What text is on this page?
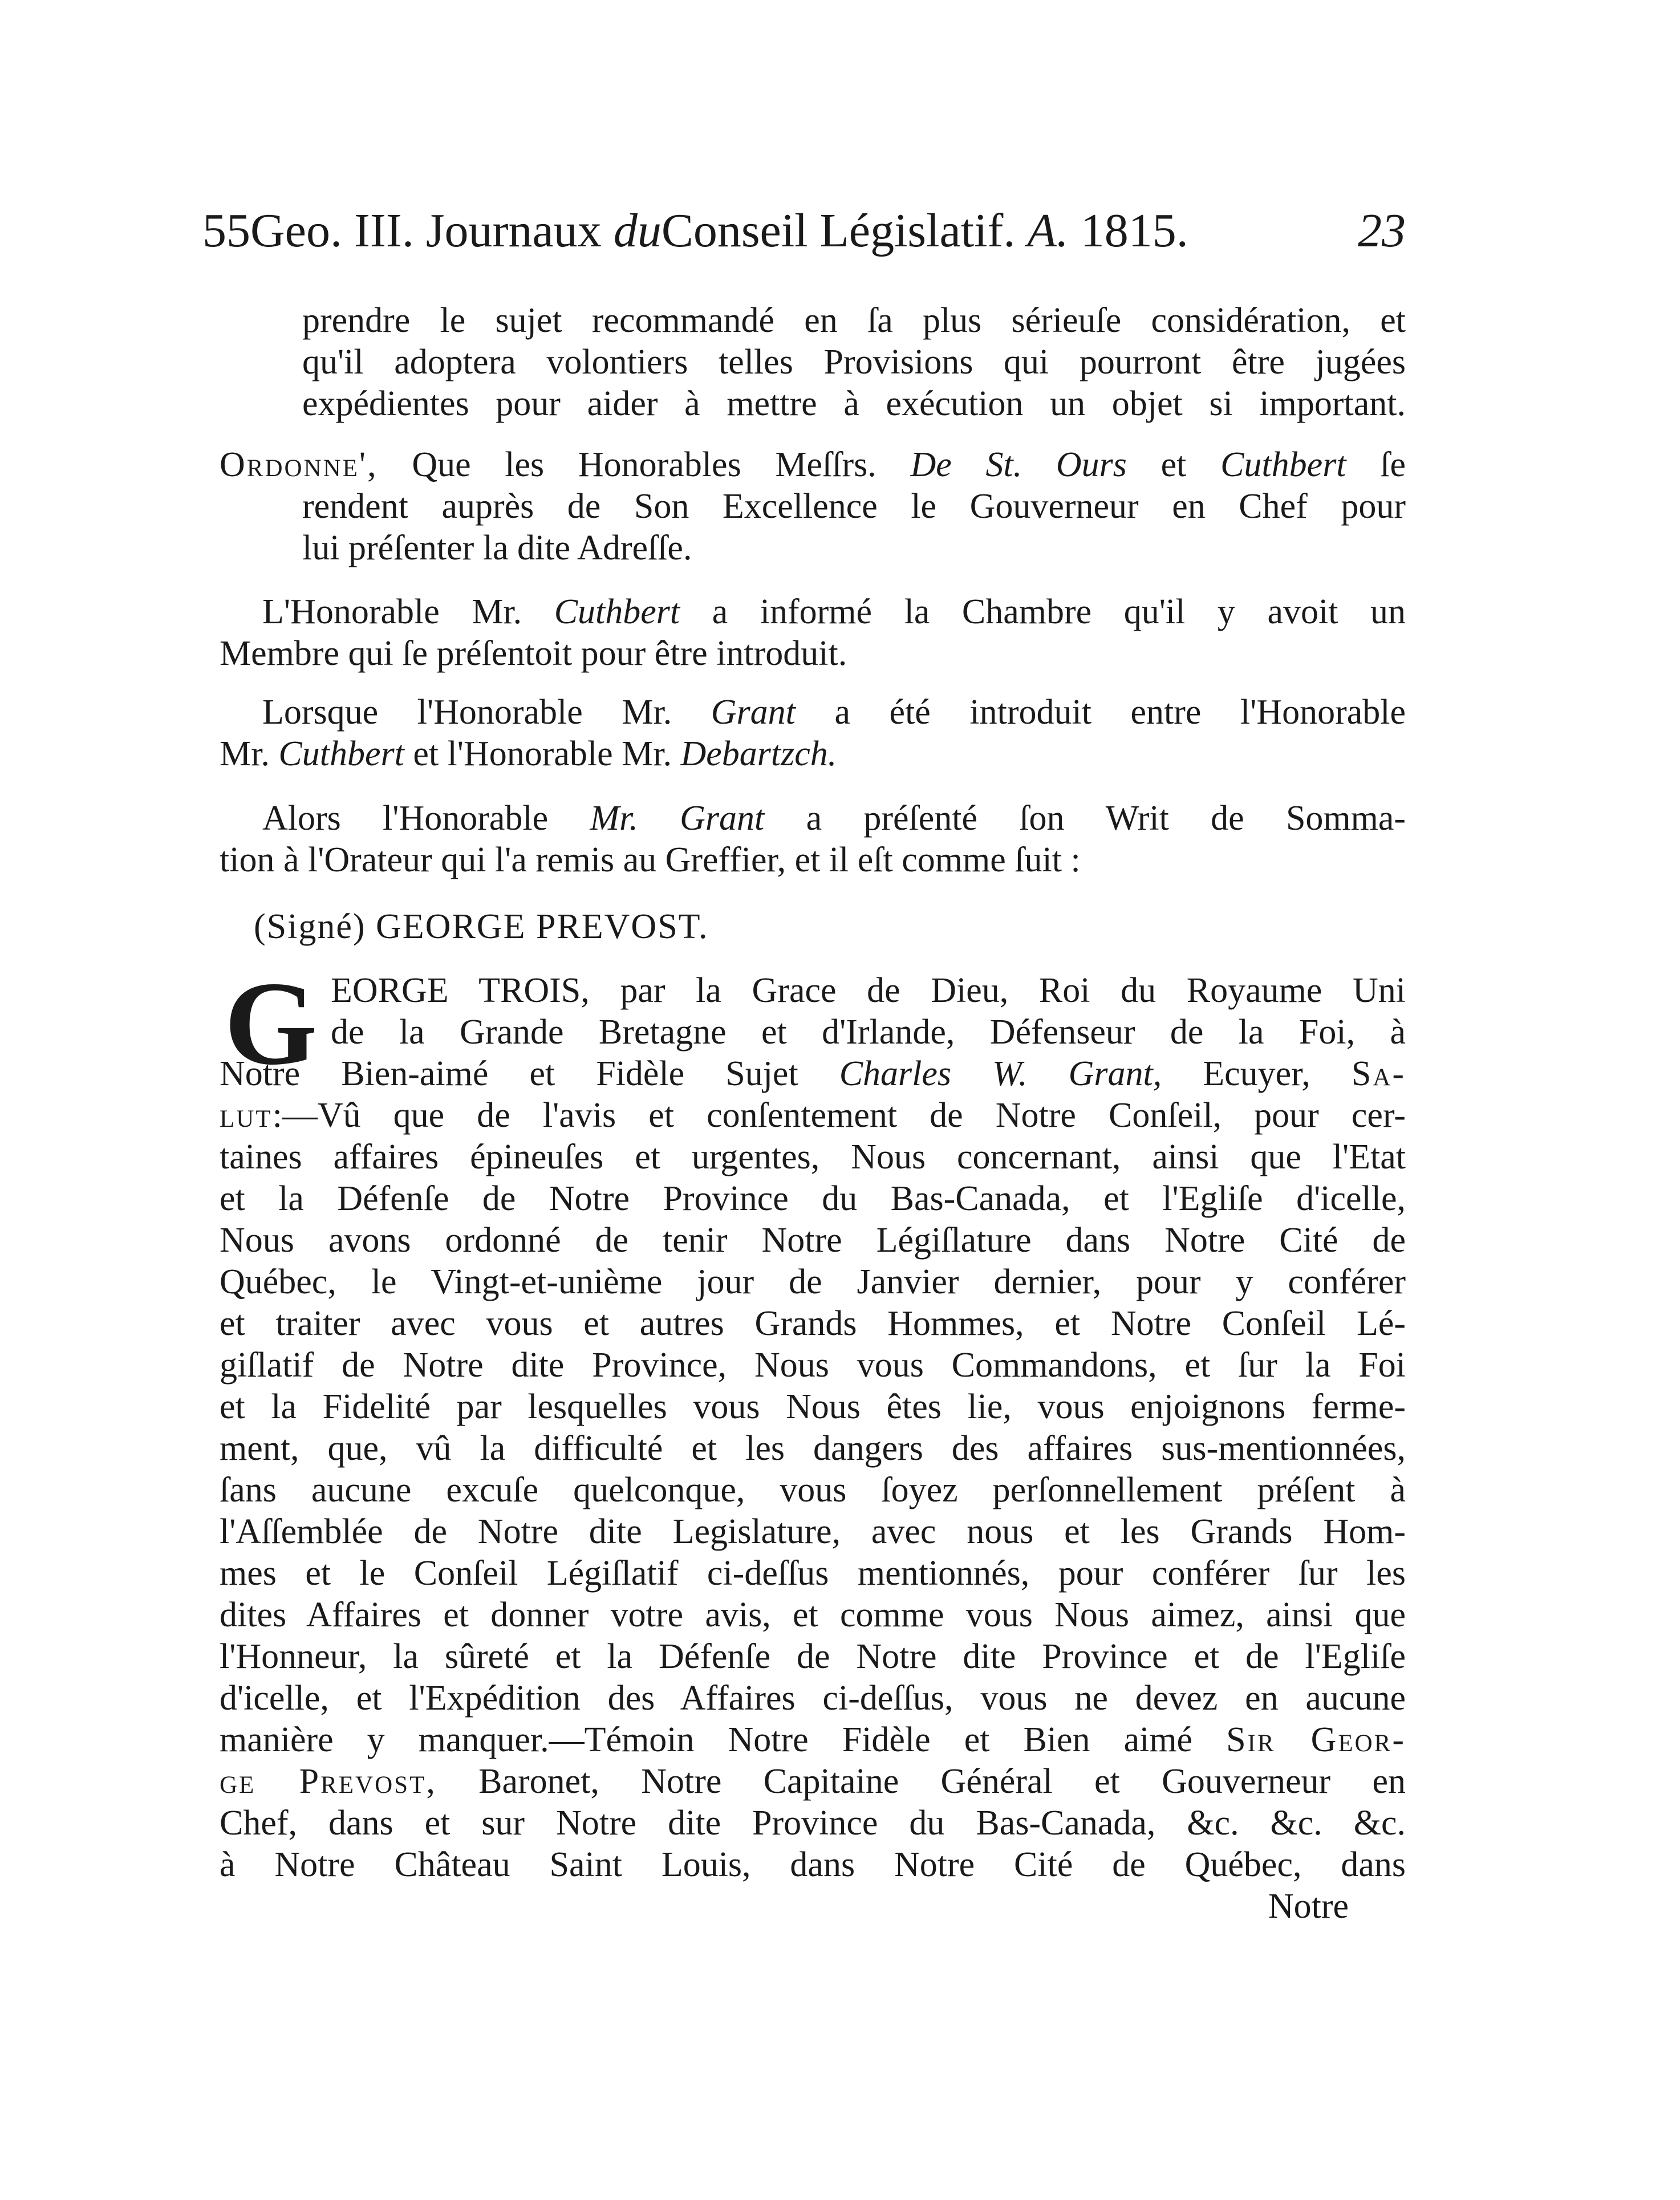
55Geo. III. Journaux duConseil Législatif. A. 1815.	23
prendre le sujet recommandé en ſa plus sérieuſe considération, et
qu'il adoptera volontiers telles Provisions qui pourront être jugées
expédientes pour aider à mettre à exécution un objet si important.
Ordonne', Que les Honorables Meſſrs. De St. Ours et Cuthbert ſe
rendent auprès de Son Excellence le Gouverneur en Chef pour
lui préſenter la dite Adreſſe.
L'Honorable Mr. Cuthbert a informé la Chambre qu'il y avoit un
Membre qui ſe préſentoit pour être introduit.
Lorsque l'Honorable Mr. Grant a été introduit entre l'Honorable
Mr. Cuthbert et l'Honorable Mr. Debartzch.
Alors l'Honorable Mr. Grant a préſenté ſon Writ de Somma-
tion à l'Orateur qui l'a remis au Greffier, et il eſt comme ſuit :
(Signé) GEORGE PREVOST.
G EORGE TROIS, par la Grace de Dieu, Roi du Royaume Uni
de la Grande Bretagne et d'Irlande, Défenseur de la Foi, à
Notre Bien-aimé et Fidèle Sujet Charles W. Grant, Ecuyer, Sa-
lut:—Vû que de l'avis et conſentement de Notre Conſeil, pour cer-
taines affaires épineuſes et urgentes, Nous concernant, ainsi que l'Etat
et la Défenſe de Notre Province du Bas-Canada, et l'Egliſe d'icelle,
Nous avons ordonné de tenir Notre Légiſlature dans Notre Cité de
Québec, le Vingt-et-unième jour de Janvier dernier, pour y conférer
et traiter avec vous et autres Grands Hommes, et Notre Conſeil Lé-
giſlatif de Notre dite Province, Nous vous Commandons, et ſur la Foi
et la Fidelité par lesquelles vous Nous êtes lie, vous enjoignons ferme-
ment, que, vû la difficulté et les dangers des affaires sus-mentionnées,
ſans aucune excuſe quelconque, vous ſoyez perſonnellement préſent à
l'Aſſemblée de Notre dite Legislature, avec nous et les Grands Hom-
mes et le Conſeil Légiſlatif ci-deſſus mentionnés, pour conférer ſur les
dites Affaires et donner votre avis, et comme vous Nous aimez, ainsi que
l'Honneur, la sûreté et la Défenſe de Notre dite Province et de l'Egliſe
d'icelle, et l'Expédition des Affaires ci-deſſus, vous ne devez en aucune
manière y manquer.—Témoin Notre Fidèle et Bien aimé Sir Geor-
ge Prevost, Baronet, Notre Capitaine Général et Gouverneur en
Chef, dans et sur Notre dite Province du Bas-Canada, &c. &c. &c.
à Notre Château Saint Louis, dans Notre Cité de Québec, dans
Notre
